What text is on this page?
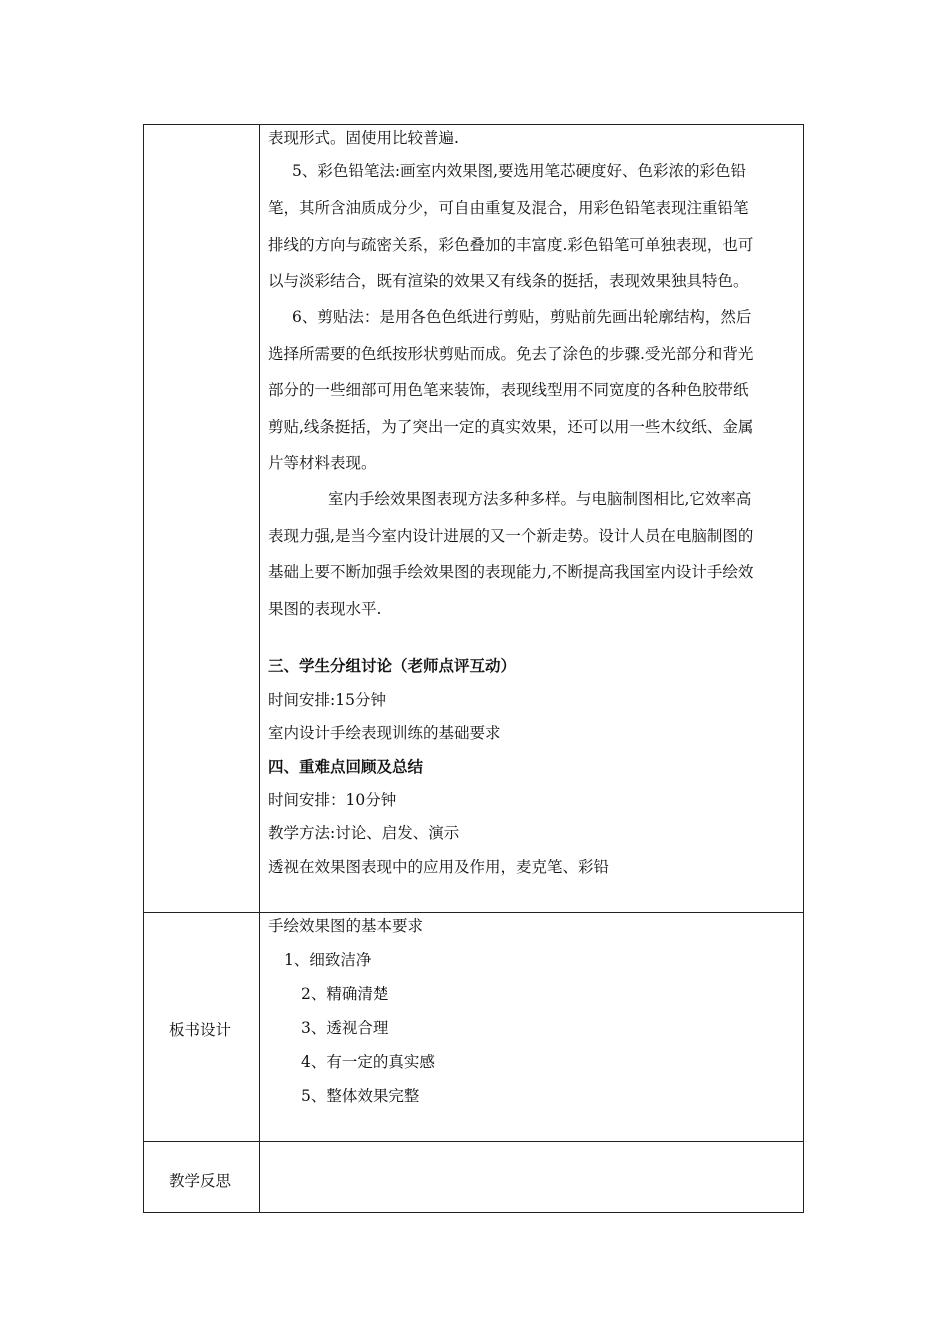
表现形式。固使用比较普遍.
5、彩色铅笔法:画室内效果图,要选用笔芯硬度好、色彩浓的彩色铅
笔，其所含油质成分少，可自由重复及混合，用彩色铅笔表现注重铅笔
排线的方向与疏密关系，彩色叠加的丰富度.彩色铅笔可单独表现，也可
以与淡彩结合，既有渲染的效果又有线条的挺括，表现效果独具特色。
6、剪贴法：是用各色色纸进行剪贴，剪贴前先画出轮廓结构，然后
选择所需要的色纸按形状剪贴而成。免去了涂色的步骤.受光部分和背光
部分的一些细部可用色笔来装饰，表现线型用不同宽度的各种色胶带纸
剪贴,线条挺括，为了突出一定的真实效果，还可以用一些木纹纸、金属
片等材料表现。
室内手绘效果图表现方法多种多样。与电脑制图相比,它效率高
表现力强,是当今室内设计进展的又一个新走势。设计人员在电脑制图的
基础上要不断加强手绘效果图的表现能力,不断提高我国室内设计手绘效
果图的表现水平.
三、学生分组讨论（老师点评互动）
时间安排:15分钟
室内设计手绘表现训练的基础要求
四、重难点回顾及总结
时间安排：10分钟
教学方法:讨论、启发、演示
透视在效果图表现中的应用及作用，麦克笔、彩铅
板书设计
手绘效果图的基本要求
1、细致洁净
2、精确清楚
3、透视合理
4、有一定的真实感
5、整体效果完整
教学反思
